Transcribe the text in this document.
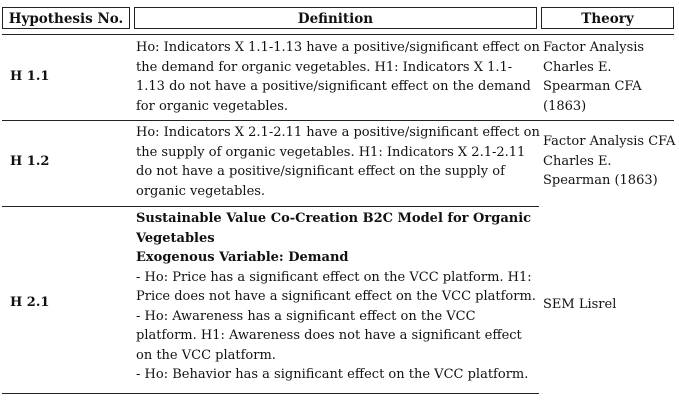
Hypothesis No.	Definition	Theory
H 1.1
Ho: Indicators X 1.1-1.13 have a positive/significant effect on the demand for organic vegetables. H1: Indicators X 1.1-1.13 do not have a positive/significant effect on the demand for organic vegetables.
Factor Analysis Charles E. Spearman CFA (1863)
H 1.2
Ho: Indicators X 2.1-2.11 have a positive/significant effect on the supply of organic vegetables. H1: Indicators X 2.1-2.11 do not have a positive/significant effect on the supply of organic vegetables.
Factor Analysis CFA Charles E. Spearman (1863)
H 2.1
Sustainable Value Co-Creation B2C Model for Organic Vegetables
Exogenous Variable: Demand
- Ho: Price has a significant effect on the VCC platform. H1: Price does not have a significant effect on the VCC platform.
- Ho: Awareness has a significant effect on the VCC platform. H1: Awareness does not have a significant effect on the VCC platform.
- Ho: Behavior has a significant effect on the VCC platform.
SEM Lisrel
